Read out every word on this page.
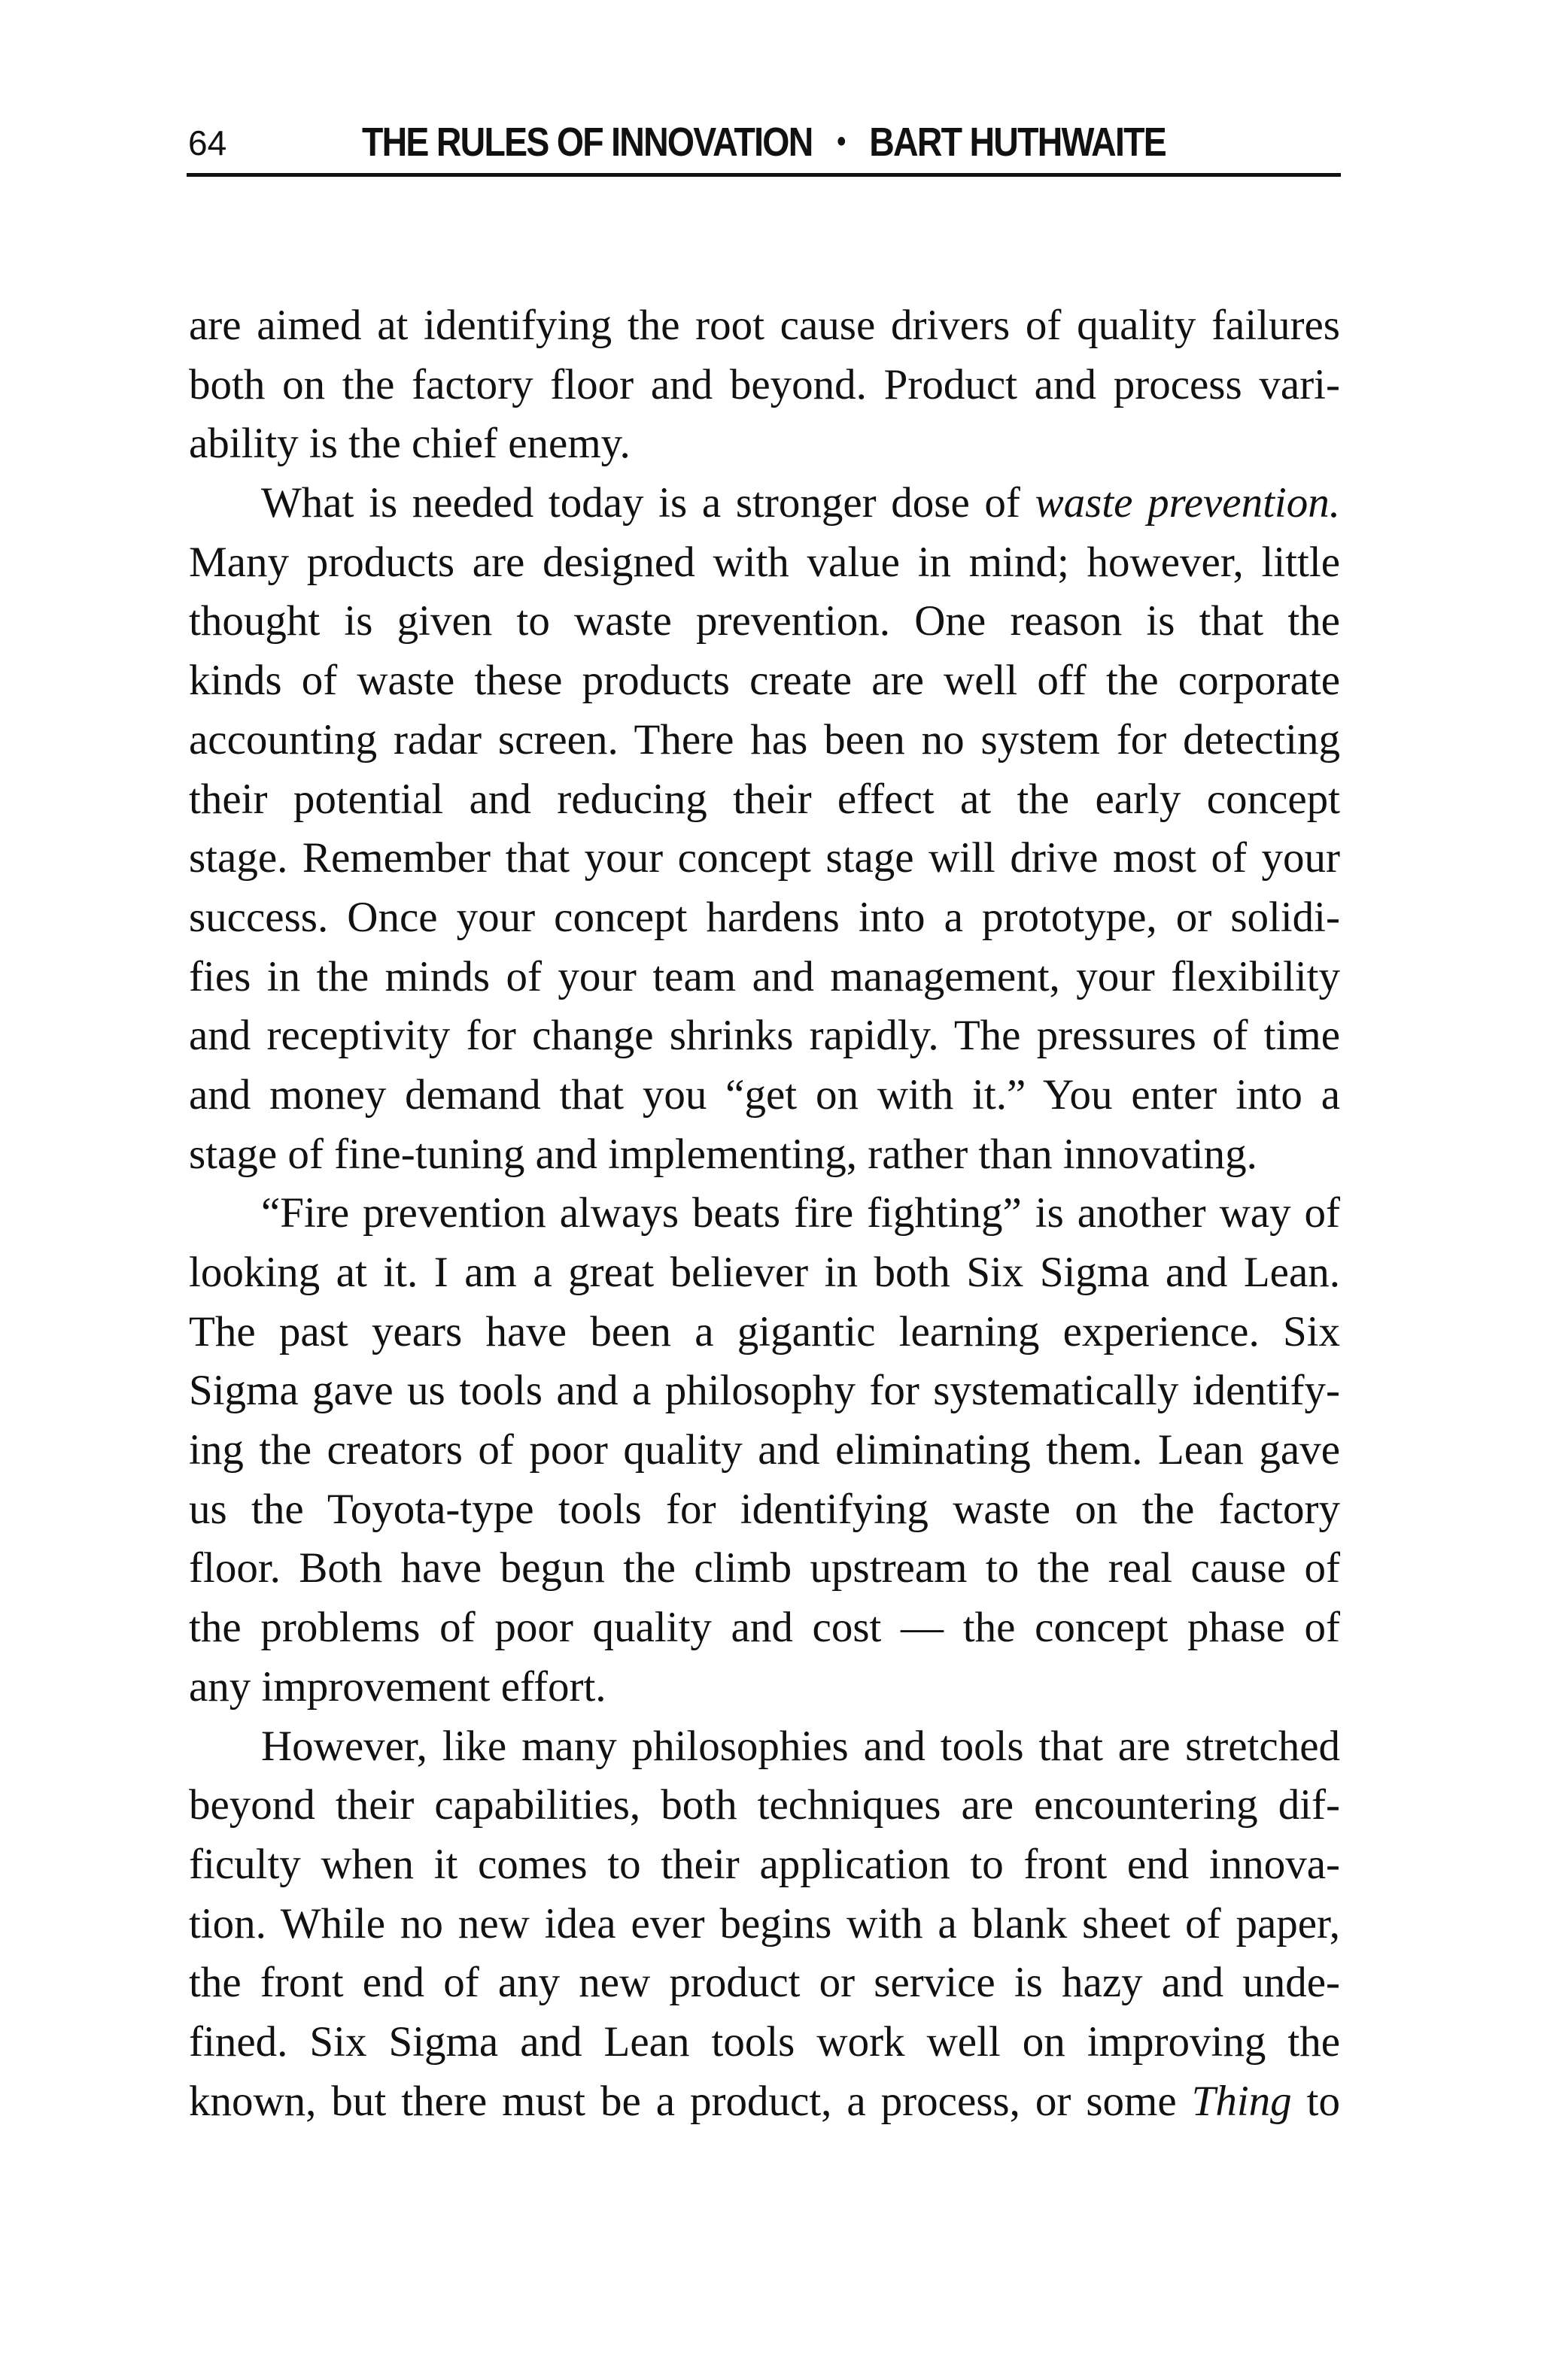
64	THE RULES OF INNOVATION • BART HUTHWAITE

are aimed at identifying the root cause drivers of quality failures
both on the factory floor and beyond. Product and process vari-
ability is the chief enemy.

What is needed today is a stronger dose of waste prevention.
Many products are designed with value in mind; however, little
thought is given to waste prevention. One reason is that the
kinds of waste these products create are well off the corporate
accounting radar screen. There has been no system for detecting
their potential and reducing their effect at the early concept
stage. Remember that your concept stage will drive most of your
success. Once your concept hardens into a prototype, or solidi-
fies in the minds of your team and management, your flexibility
and receptivity for change shrinks rapidly. The pressures of time
and money demand that you “get on with it.” You enter into a
stage of fine-tuning and implementing, rather than innovating.

“Fire prevention always beats fire fighting” is another way of
looking at it. I am a great believer in both Six Sigma and Lean.
The past years have been a gigantic learning experience. Six
Sigma gave us tools and a philosophy for systematically identify-
ing the creators of poor quality and eliminating them. Lean gave
us the Toyota-type tools for identifying waste on the factory
floor. Both have begun the climb upstream to the real cause of
the problems of poor quality and cost — the concept phase of
any improvement effort.

However, like many philosophies and tools that are stretched
beyond their capabilities, both techniques are encountering dif-
ficulty when it comes to their application to front end innova-
tion. While no new idea ever begins with a blank sheet of paper,
the front end of any new product or service is hazy and unde-
fined. Six Sigma and Lean tools work well on improving the
known, but there must be a product, a process, or some Thing to
